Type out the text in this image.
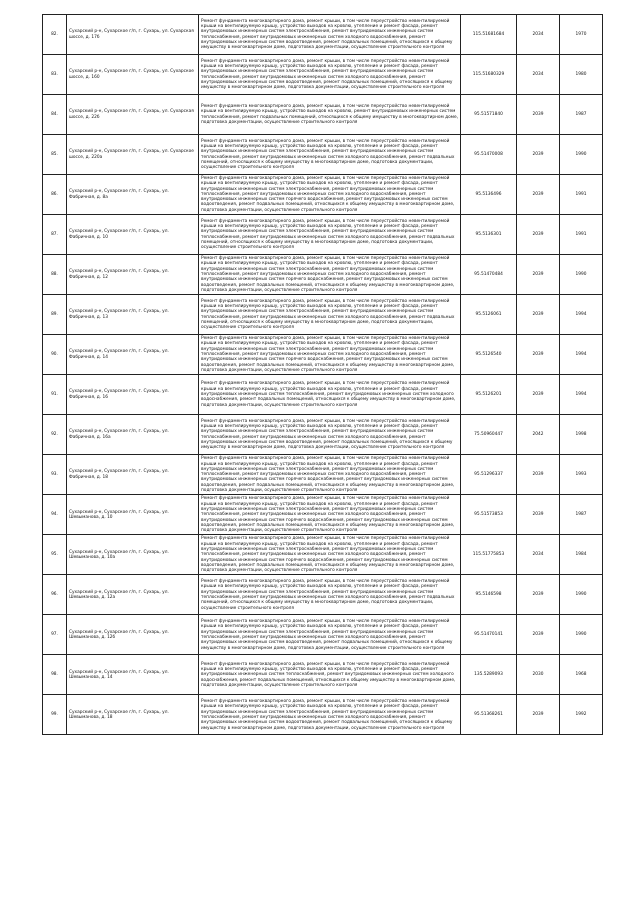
82.	Сухарский р-н, Сухарское г/п, г. Сухарь, ул. Сухарская шоссе, д. 17б	Ремонт фундамента многоквартирного дома, ремонт крыши, в том числе переустройство невентилируемой крыши на вентилируемую крышу, устройство выходов на кровлю, утепление и ремонт фасада, ремонт внутридомовых инженерных систем электроснабжения, ремонт внутридомовых инженерных систем теплоснабжения, ремонт внутридомовых инженерных систем холодного водоснабжения, ремонт внутридомовых инженерных систем водоотведения, ремонт подвальных помещений, относящихся к общему имуществу в многоквартирном доме, подготовка документации, осуществление строительного контроля	115.51681684	2034	1970
83.	Сухарский р-н, Сухарское г/п, г. Сухарь, ул. Сухарское шоссе, д. 160	Ремонт фундамента многоквартирного дома, ремонт крыши, в том числе переустройство невентилируемой крыши на вентилируемую крышу, устройство выходов на кровлю, утепление и ремонт фасада, ремонт внутридомовых инженерных систем электроснабжения, ремонт внутридомовых инженерных систем теплоснабжения, ремонт внутридомовых инженерных систем холодного водоснабжения, ремонт внутридомовых инженерных систем водоотведения, ремонт подвальных помещений, относящихся к общему имуществу в многоквартирном доме, подготовка документации, осуществление строительного контроля	115.51680329	2034	1980
84.	Сухарский р-н, Сухарское г/п, г. Сухарь, ул. Сухарская шоссе, д. 22б	Ремонт фундамента многоквартирного дома, ремонт крыши, в том числе переустройство невентилируемой крыши на вентилируемую крышу, устройство выходов на кровлю, ремонт внутридомовых инженерных систем теплоснабжения, ремонт подвальных помещений, относящихся к общему имуществу в многоквартирном доме, подготовка документации, осуществление строительного контроля	95.51571840	2039	1987
85.	Сухарский р-н, Сухарское г/п, г. Сухарь, ул. Сухарское шоссе, д. 220а	Ремонт фундамента многоквартирного дома, ремонт крыши, в том числе переустройство невентилируемой крыши на вентилируемую крышу, устройство выходов на кровлю, утепление и ремонт фасада, ремонт внутридомовых инженерных систем электроснабжения, ремонт внутридомовых инженерных систем теплоснабжения, ремонт внутридомовых инженерных систем холодного водоснабжения, ремонт подвальных помещений, относящихся к общему имуществу в многоквартирном доме, подготовка документации, осуществление строительного контроля	95.51470008	2039	1990
86.	Сухарский р-н, Сухарское г/п, г. Сухарь, ул. Фабричная, д. 8а	Ремонт фундамента многоквартирного дома, ремонт крыши, в том числе переустройство невентилируемой крыши на вентилируемую крышу, устройство выходов на кровлю, утепление и ремонт фасада, ремонт внутридомовых инженерных систем электроснабжения, ремонт внутридомовых инженерных систем теплоснабжения, ремонт внутридомовых инженерных систем холодного водоснабжения, ремонт внутридомовых инженерных систем горячего водоснабжения, ремонт внутридомовых инженерных систем водоотведения, ремонт подвальных помещений, относящихся к общему имуществу в многоквартирном доме, подготовка документации, осуществление строительного контроля	95.5136496	2039	1991
87.	Сухарский р-н, Сухарское г/п, г. Сухарь, ул. Фабричная, д. 10	Ремонт фундамента многоквартирного дома, ремонт крыши, в том числе переустройство невентилируемой крыши на вентилируемую крышу, устройство выходов на кровлю, утепление и ремонт фасада, ремонт внутридомовых инженерных систем электроснабжения, ремонт внутридомовых инженерных систем теплоснабжения, ремонт внутридомовых инженерных систем холодного водоснабжения, ремонт подвальных помещений, относящихся к общему имуществу в многоквартирном доме, подготовка документации, осуществление строительного контроля	95.5136301	2039	1991
88.	Сухарский р-н, Сухарское г/п, г. Сухарь, ул. Фабричная, д. 12	Ремонт фундамента многоквартирного дома, ремонт крыши, в том числе переустройство невентилируемой крыши на вентилируемую крышу, устройство выходов на кровлю, утепление и ремонт фасада, ремонт внутридомовых инженерных систем электроснабжения, ремонт внутридомовых инженерных систем теплоснабжения, ремонт внутридомовых инженерных систем холодного водоснабжения, ремонт внутридомовых инженерных систем горячего водоснабжения, ремонт внутридомовых инженерных систем водоотведения, ремонт подвальных помещений, относящихся к общему имуществу в многоквартирном доме, подготовка документации, осуществление строительного контроля	95.51470484	2039	1990
89.	Сухарский р-н, Сухарское г/п, г. Сухарь, ул. Фабричная, д. 13	Ремонт фундамента многоквартирного дома, ремонт крыши, в том числе переустройство невентилируемой крыши на вентилируемую крышу, устройство выходов на кровлю, утепление и ремонт фасада, ремонт внутридомовых инженерных систем электроснабжения, ремонт внутридомовых инженерных систем теплоснабжения, ремонт внутридомовых инженерных систем холодного водоснабжения, ремонт подвальных помещений, относящихся к общему имуществу в многоквартирном доме, подготовка документации, осуществление строительного контроля	95.5126061	2039	1994
90.	Сухарский р-н, Сухарское г/п, г. Сухарь, ул. Фабричная, д. 14	Ремонт фундамента многоквартирного дома, ремонт крыши, в том числе переустройство невентилируемой крыши на вентилируемую крышу, устройство выходов на кровлю, утепление и ремонт фасада, ремонт внутридомовых инженерных систем электроснабжения, ремонт внутридомовых инженерных систем теплоснабжения, ремонт внутридомовых инженерных систем холодного водоснабжения, ремонт внутридомовых инженерных систем горячего водоснабжения, ремонт внутридомовых инженерных систем водоотведения, ремонт подвальных помещений, относящихся к общему имуществу в многоквартирном доме, подготовка документации, осуществление строительного контроля	95.5126540	2039	1994
91.	Сухарский р-н, Сухарское г/п, г. Сухарь, ул. Фабричная, д. 16	Ремонт фундамента многоквартирного дома, ремонт крыши, в том числе переустройство невентилируемой крыши на вентилируемую крышу, устройство выходов на кровлю, утепление и ремонт фасада, ремонт внутридомовых инженерных систем теплоснабжения, ремонт внутридомовых инженерных систем холодного водоснабжения, ремонт подвальных помещений, относящихся к общему имуществу в многоквартирном доме, подготовка документации, осуществление строительного контроля	95.5126201	2039	1994
92.	Сухарский р-н, Сухарское г/п, г. Сухарь, ул. Фабричная, д. 16а	Ремонт фундамента многоквартирного дома, ремонт крыши, в том числе переустройство невентилируемой крыши на вентилируемую крышу, устройство выходов на кровлю, утепление и ремонт фасада, ремонт внутридомовых инженерных систем электроснабжения, ремонт внутридомовых инженерных систем теплоснабжения, ремонт внутридомовых инженерных систем холодного водоснабжения, ремонт внутридомовых инженерных систем водоотведения, ремонт подвальных помещений, относящихся к общему имуществу в многоквартирном доме, подготовка документации, осуществление строительного контроля	75.50960447	2042	1998
93.	Сухарский р-н, Сухарское г/п, г. Сухарь, ул. Фабричная, д. 18	Ремонт фундамента многоквартирного дома, ремонт крыши, в том числе переустройство невентилируемой крыши на вентилируемую крышу, устройство выходов на кровлю, утепление и ремонт фасада, ремонт внутридомовых инженерных систем электроснабжения, ремонт внутридомовых инженерных систем теплоснабжения, ремонт внутридомовых инженерных систем холодного водоснабжения, ремонт внутридомовых инженерных систем горячего водоснабжения, ремонт внутридомовых инженерных систем водоотведения, ремонт подвальных помещений, относящихся к общему имуществу в многоквартирном доме, подготовка документации, осуществление строительного контроля	95.51296337	2039	1993
94.	Сухарский р-н, Сухарское г/п, г. Сухарь, ул. Шевыманова, д. 10	Ремонт фундамента многоквартирного дома, ремонт крыши, в том числе переустройство невентилируемой крыши на вентилируемую крышу, устройство выходов на кровлю, утепление и ремонт фасада, ремонт внутридомовых инженерных систем электроснабжения, ремонт внутридомовых инженерных систем теплоснабжения, ремонт внутридомовых инженерных систем холодного водоснабжения, ремонт внутридомовых инженерных систем горячего водоснабжения, ремонт внутридомовых инженерных систем водоотведения, ремонт подвальных помещений, относящихся к общему имуществу в многоквартирном доме, подготовка документации, осуществление строительного контроля	95.51573853	2039	1987
95.	Сухарский р-н, Сухарское г/п, г. Сухарь, ул. Шевыманова, д. 10а	Ремонт фундамента многоквартирного дома, ремонт крыши, в том числе переустройство невентилируемой крыши на вентилируемую крышу, устройство выходов на кровлю, утепление и ремонт фасада, ремонт внутридомовых инженерных систем электроснабжения, ремонт внутридомовых инженерных систем теплоснабжения, ремонт внутридомовых инженерных систем холодного водоснабжения, ремонт внутридомовых инженерных систем горячего водоснабжения, ремонт внутридомовых инженерных систем водоотведения, ремонт подвальных помещений, относящихся к общему имуществу в многоквартирном доме, подготовка документации, осуществление строительного контроля	115.51775853	2034	1984
96.	Сухарский р-н, Сухарское г/п, г. Сухарь, ул. Шевыманова, д. 12а	Ремонт фундамента многоквартирного дома, ремонт крыши, в том числе переустройство невентилируемой крыши на вентилируемую крышу, устройство выходов на кровлю, утепление и ремонт фасада, ремонт внутридомовых инженерных систем электроснабжения, ремонт внутридомовых инженерных систем теплоснабжения, ремонт внутридомовых инженерных систем холодного водоснабжения, ремонт подвальных помещений, относящихся к общему имуществу в многоквартирном доме, подготовка документации, осуществление строительного контроля	95.5146598	2039	1990
97.	Сухарский р-н, Сухарское г/п, г. Сухарь, ул. Шевыманова, д. 12б	Ремонт фундамента многоквартирного дома, ремонт крыши, в том числе переустройство невентилируемой крыши на вентилируемую крышу, устройство выходов на кровлю, утепление и ремонт фасада, ремонт внутридомовых инженерных систем электроснабжения, ремонт внутридомовых инженерных систем теплоснабжения, ремонт внутридомовых инженерных систем холодного водоснабжения, ремонт внутридомовых инженерных систем водоотведения, ремонт подвальных помещений, относящихся к общему имуществу в многоквартирном доме, подготовка документации, осуществление строительного контроля	95.51470141	2039	1990
98.	Сухарский р-н, Сухарское г/п, г. Сухарь, ул. Шевыманова, д. 14	Ремонт фундамента многоквартирного дома, ремонт крыши, в том числе переустройство невентилируемой крыши на вентилируемую крышу, устройство выходов на кровлю, утепление и ремонт фасада, ремонт внутридомовых инженерных систем теплоснабжения, ремонт внутридомовых инженерных систем холодного водоснабжения, ремонт подвальных помещений, относящихся к общему имуществу в многоквартирном доме, подготовка документации, осуществление строительного контроля	135.5289093	2030	1968
99.	Сухарский р-н, Сухарское г/п, г. Сухарь, ул. Шевыманова, д. 18	Ремонт фундамента многоквартирного дома, ремонт крыши, в том числе переустройство невентилируемой крыши на вентилируемую крышу, устройство выходов на кровлю, утепление и ремонт фасада, ремонт внутридомовых инженерных систем электроснабжения, ремонт внутридомовых инженерных систем теплоснабжения, ремонт внутридомовых инженерных систем холодного водоснабжения, ремонт внутридомовых инженерных систем водоотведения, ремонт подвальных помещений, относящихся к общему имуществу в многоквартирном доме, подготовка документации, осуществление строительного контроля	95.51368261	2039	1992
